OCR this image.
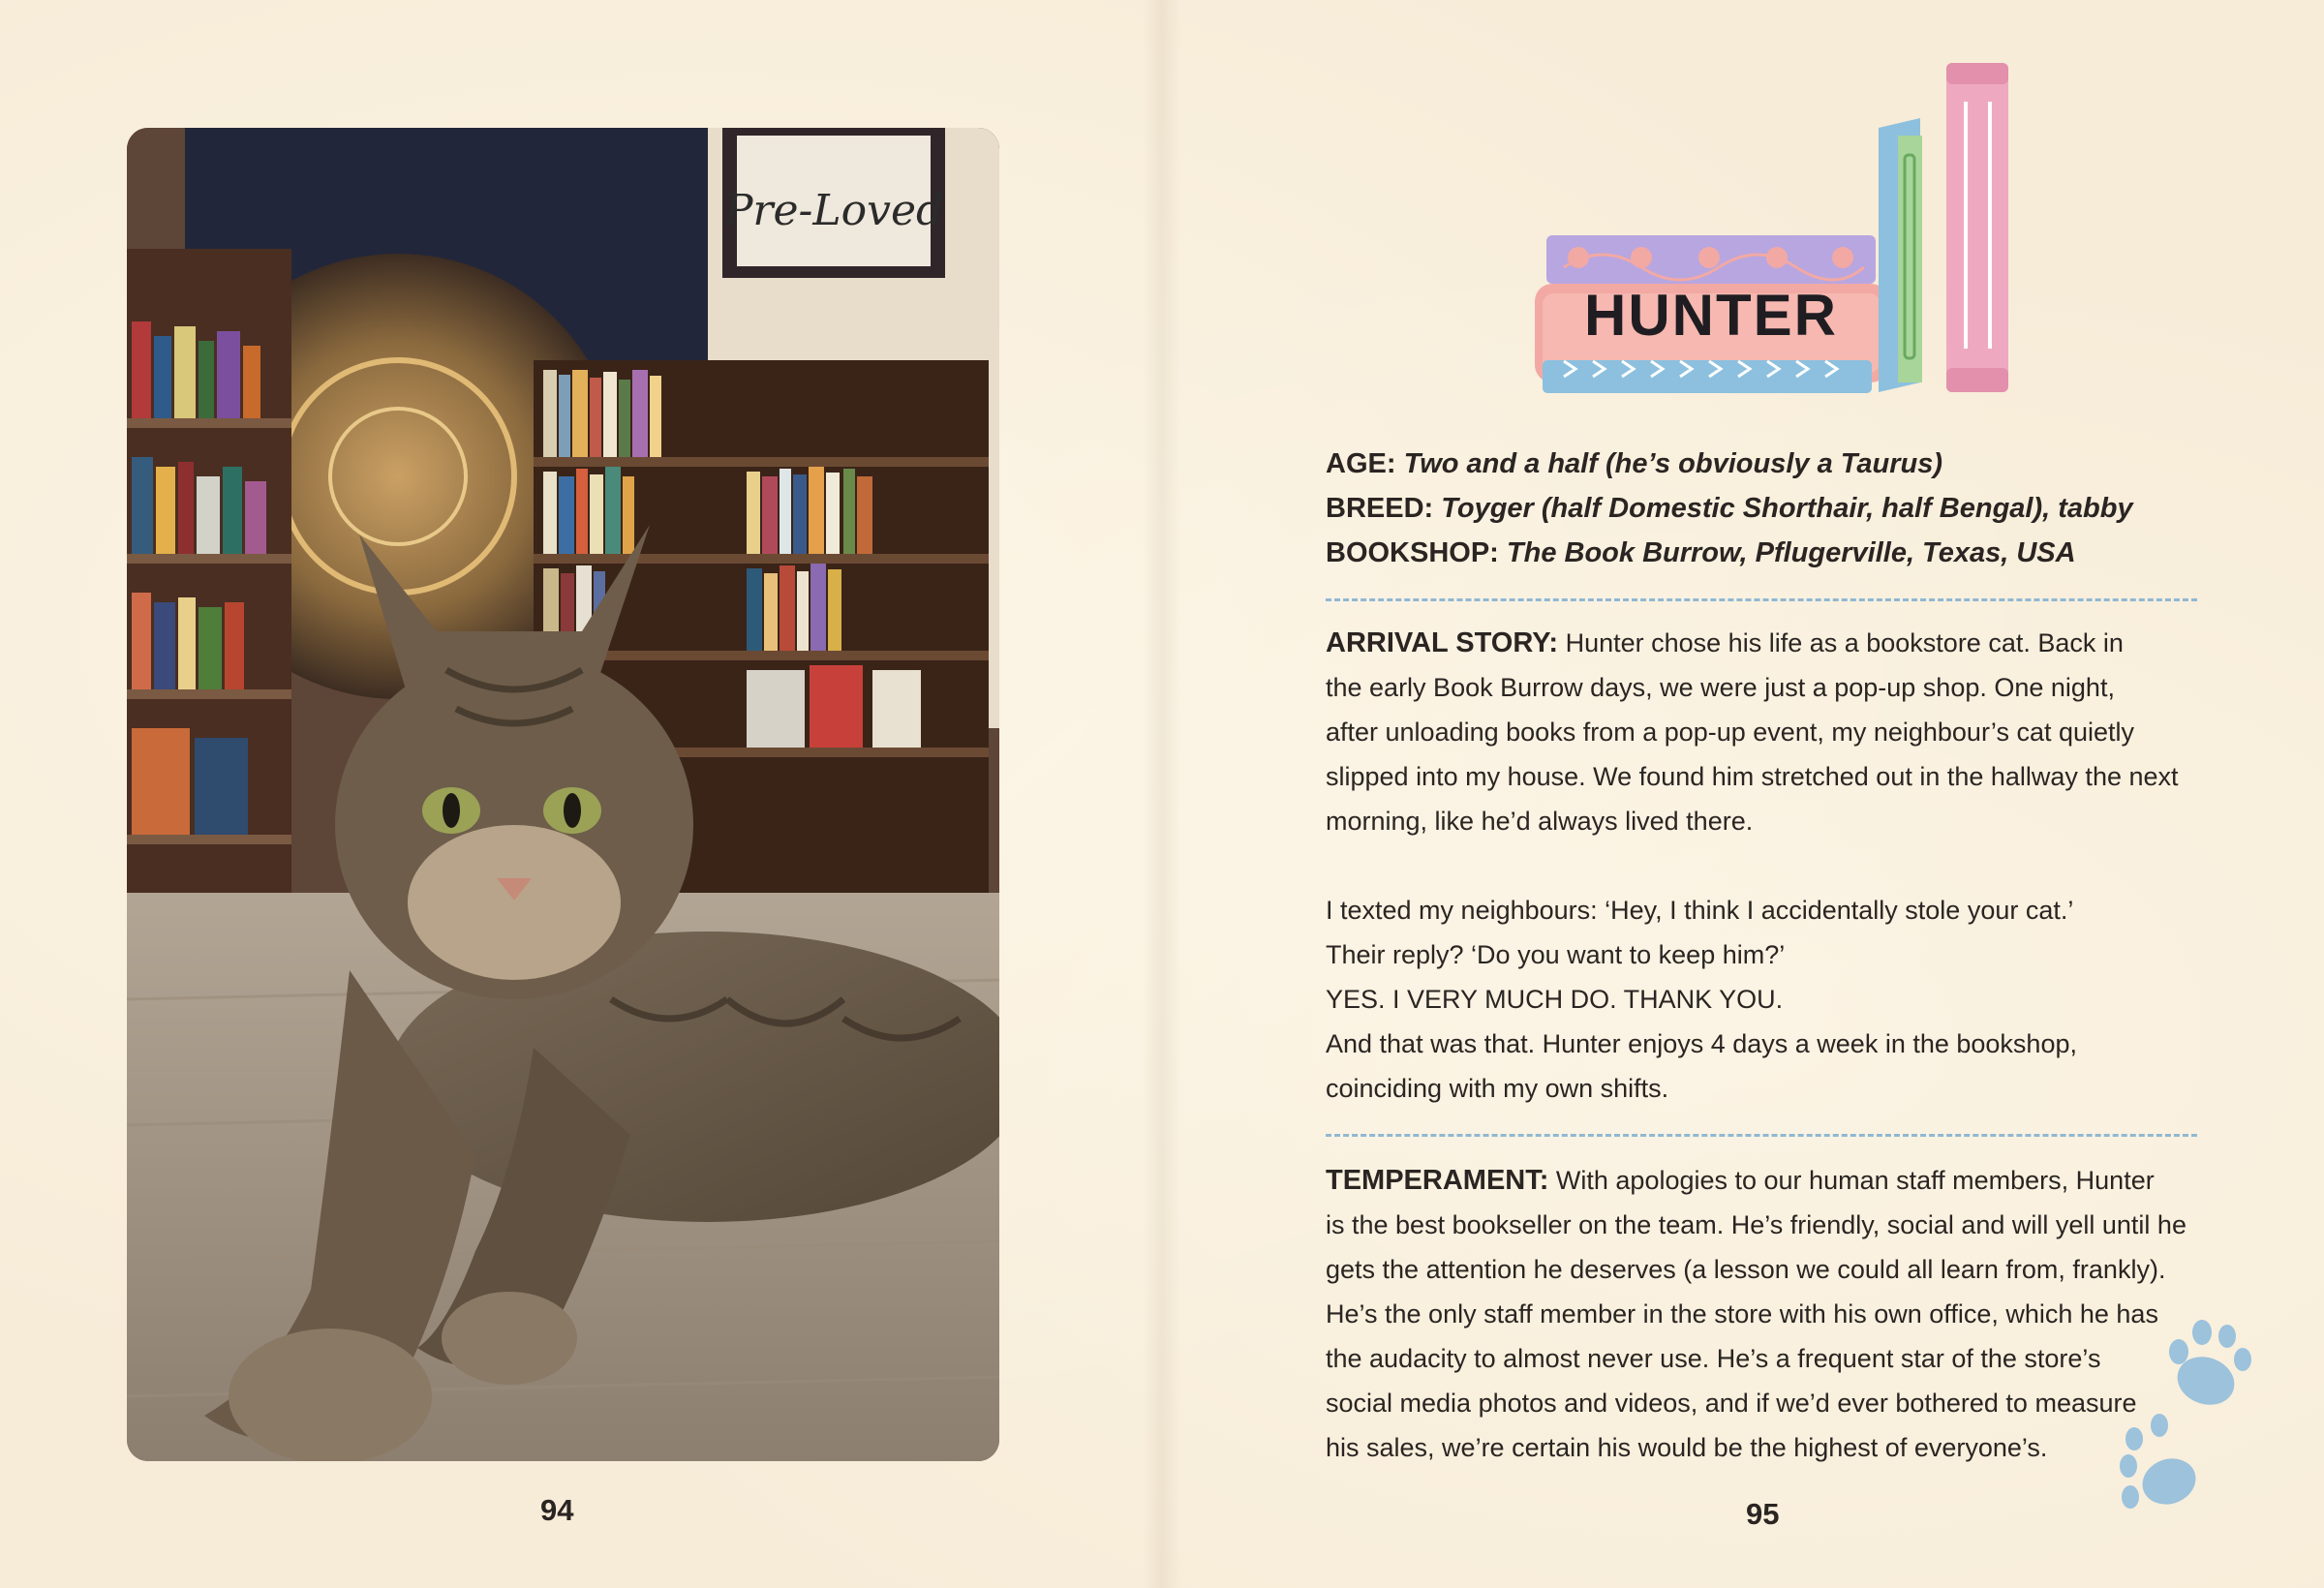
Pre-Loved
94
HUNTER
AGE: Two and a half (he’s obviously a Taurus)
BREED: Toyger (half Domestic Shorthair, half Bengal), tabby
BOOKSHOP: The Book Burrow, Pflugerville, Texas, USA
ARRIVAL STORY: Hunter chose his life as a bookstore cat. Back in
the early Book Burrow days, we were just a pop-up shop. One night,
after unloading books from a pop-up event, my neighbour’s cat quietly
slipped into my house. We found him stretched out in the hallway the next
morning, like he’d always lived there.
I texted my neighbours: ‘Hey, I think I accidentally stole your cat.’
Their reply? ‘Do you want to keep him?’
YES. I VERY MUCH DO. THANK YOU.
And that was that. Hunter enjoys 4 days a week in the bookshop,
coinciding with my own shifts.
TEMPERAMENT: With apologies to our human staff members, Hunter
is the best bookseller on the team. He’s friendly, social and will yell until he
gets the attention he deserves (a lesson we could all learn from, frankly).
He’s the only staff member in the store with his own office, which he has
the audacity to almost never use. He’s a frequent star of the store’s
social media photos and videos, and if we’d ever bothered to measure
his sales, we’re certain his would be the highest of everyone’s.
95
